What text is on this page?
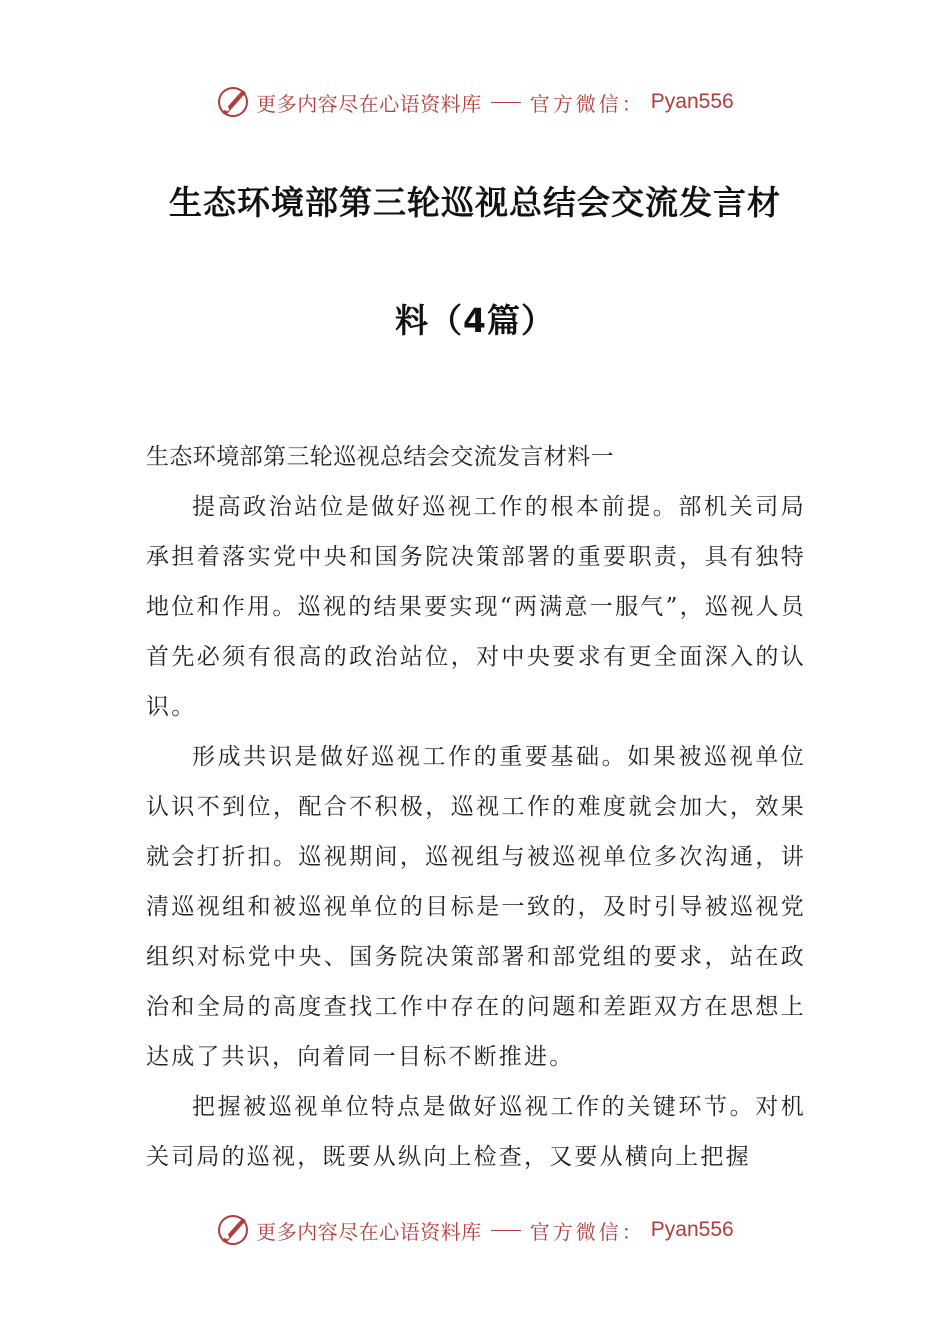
更多内容尽在心语资料库 官方微信： Pyan556
生态环境部第三轮巡视总结会交流发言材
料（4篇）

生态环境部第三轮巡视总结会交流发言材料一

提高政治站位是做好巡视工作的根本前提。部机关司局承担着落实党中央和国务院决策部署的重要职责，具有独特地位和作用。巡视的结果要实现“两满意一服气”，巡视人员首先必须有很高的政治站位，对中央要求有更全面深入的认识。

形成共识是做好巡视工作的重要基础。如果被巡视单位认识不到位，配合不积极，巡视工作的难度就会加大，效果就会打折扣。巡视期间，巡视组与被巡视单位多次沟通，讲清巡视组和被巡视单位的目标是一致的，及时引导被巡视党组织对标党中央、国务院决策部署和部党组的要求，站在政治和全局的高度查找工作中存在的问题和差距双方在思想上达成了共识，向着同一目标不断推进。

把握被巡视单位特点是做好巡视工作的关键环节。对机关司局的巡视，既要从纵向上检查，又要从横向上把握

更多内容尽在心语资料库 官方微信： Pyan556
